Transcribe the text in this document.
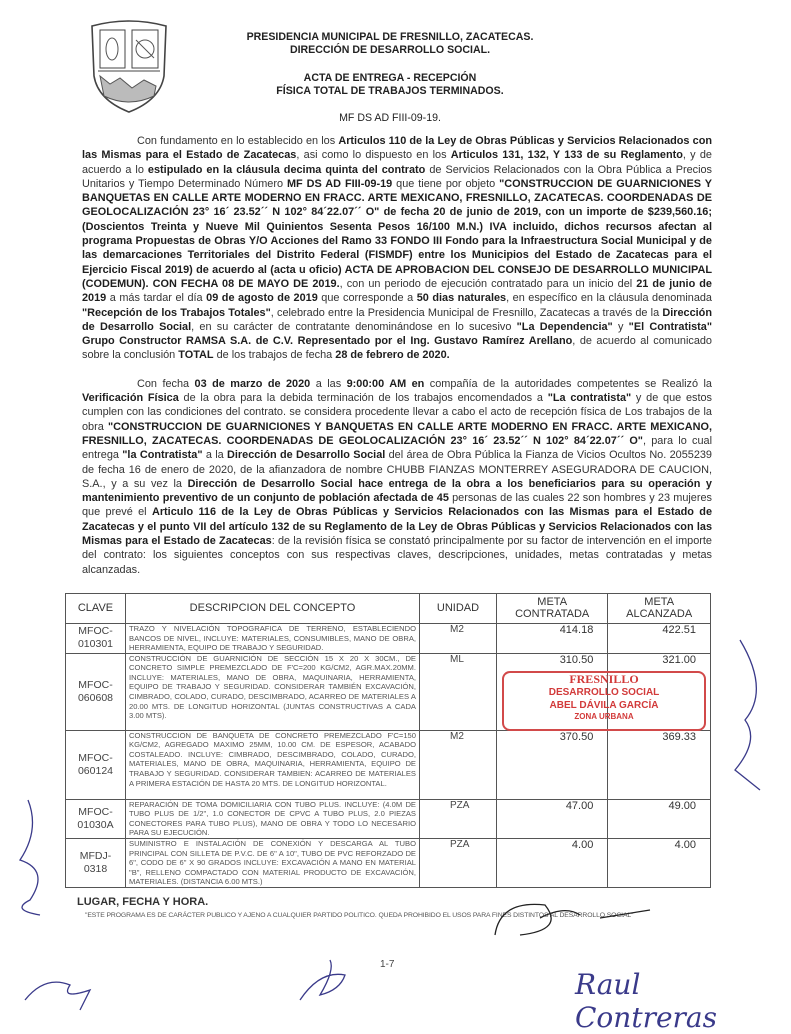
PRESIDENCIA MUNICIPAL DE FRESNILLO, ZACATECAS.
DIRECCIÓN DE DESARROLLO SOCIAL.
ACTA DE ENTREGA - RECEPCIÓN
FÍSICA TOTAL DE TRABAJOS TERMINADOS.
MF DS AD FIII-09-19.

Con fundamento en lo establecido en los Articulos 110 de la Ley de Obras Públicas y Servicios Relacionados con las Mismas para el Estado de Zacatecas, asi como lo dispuesto en los Articulos 131, 132, Y 133 de su Reglamento, y de acuerdo a lo estipulado en la cláusula decima quinta del contrato de Servicios Relacionados con la Obra Pública a Precios Unitarios y Tiempo Determinado Número MF DS AD FIII-09-19 que tiene por objeto "CONSTRUCCION DE GUARNICIONES Y BANQUETAS EN CALLE ARTE MODERNO EN FRACC. ARTE MEXICANO, FRESNILLO, ZACATECAS. COORDENADAS DE GEOLOCALIZACIÓN 23° 16´ 23.52´´ N 102° 84´22.07´´ O" de fecha 20 de junio de 2019, con un importe de $239,560.16; (Doscientos Treinta y Nueve Mil Quinientos Sesenta Pesos 16/100 M.N.) IVA incluido, dichos recursos afectan al programa Propuestas de Obras Y/O Acciones del Ramo 33 FONDO III Fondo para la Infraestructura Social Municipal y de las demarcaciones Territoriales del Distrito Federal (FISMDF) entre los Municipios del Estado de Zacatecas para el Ejercicio Fiscal 2019) de acuerdo al (acta u oficio) ACTA DE APROBACION DEL CONSEJO DE DESARROLLO MUNICIPAL (CODEMUN). CON FECHA 08 DE MAYO DE 2019., con un periodo de ejecución contratado para un inicio del 21 de junio de 2019 a más tardar el día 09 de agosto de 2019 que corresponde a 50 dias naturales, en específico en la cláusula denominada "Recepción de los Trabajos Totales", celebrado entre la Presidencia Municipal de Fresnillo, Zacatecas a través de la Dirección de Desarrollo Social, en su carácter de contratante denominándose en lo sucesivo "La Dependencia" y "El Contratista" Grupo Constructor RAMSA S.A. de C.V. Representado por el Ing. Gustavo Ramírez Arellano, de acuerdo al comunicado sobre la conclusión TOTAL de los trabajos de fecha 28 de febrero de 2020.

Con fecha 03 de marzo de 2020 a las 9:00:00 AM en compañía de la autoridades competentes se Realizó la Verificación Física de la obra para la debida terminación de los trabajos encomendados a "La contratista" y de que estos cumplen con las condiciones del contrato. se considera procedente llevar a cabo el acto de recepción física de Los trabajos de la obra "CONSTRUCCION DE GUARNICIONES Y BANQUETAS EN CALLE ARTE MODERNO EN FRACC. ARTE MEXICANO, FRESNILLO, ZACATECAS. COORDENADAS DE GEOLOCALIZACIÓN 23° 16´ 23.52´´ N 102° 84´22.07´´ O", para lo cual entrega "la Contratista" a la Dirección de Desarrollo Social del área de Obra Pública la Fianza de Vicios Ocultos No. 2055239 de fecha 16 de enero de 2020, de la afianzadora de nombre CHUBB FIANZAS MONTERREY ASEGURADORA DE CAUCION, S.A., y a su vez la Dirección de Desarrollo Social hace entrega de la obra a los beneficiarios para su operación y mantenimiento preventivo de un conjunto de población afectada de 45 personas de las cuales 22 son hombres y 23 mujeres que prevé el Articulo 116 de la Ley de Obras Públicas y Servicios Relacionados con las Mismas para el Estado de Zacatecas y el punto VII del artículo 132 de su Reglamento de la Ley de Obras Públicas y Servicios Relacionados con las Mismas para el Estado de Zacatecas: de la revisión física se constató principalmente por su factor de intervención en el importe del contrato: los siguientes conceptos con sus respectivas claves, descripciones, unidades, metas contratadas y metas alcanzadas.

CLAVE	DESCRIPCION DEL CONCEPTO	UNIDAD	META CONTRATADA	META ALCANZADA
MFOC-010301	TRAZO Y NIVELACIÓN TOPOGRAFICA DE TERRENO, ESTABLECIENDO BANCOS DE NIVEL, INCLUYE: MATERIALES, CONSUMIBLES, MANO DE OBRA, HERRAMIENTA, EQUIPO DE TRABAJO Y SEGURIDAD.	M2	414.18	422.51
MFOC-060608	CONSTRUCCIÓN DE GUARNICIÓN DE SECCIÓN 15 X 20 X 30CM., DE CONCRETO SIMPLE PREMEZCLADO DE F'C=200 KG/CM2, AGR.MAX.20MM. INCLUYE: MATERIALES, MANO DE OBRA, MAQUINARIA, HERRAMIENTA, EQUIPO DE TRABAJO Y SEGURIDAD. CONSIDERAR TAMBIÉN EXCAVACIÓN, CIMBRADO, COLADO, CURADO, DESCIMBRADO, ACARREO DE MATERIALES A 20.00 MTS. DE LONGITUD HORIZONTAL (JUNTAS CONSTRUCTIVAS A CADA 3.00 MTS).	ML	310.50	321.00
MFOC-060124	CONSTRUCCION DE BANQUETA DE CONCRETO PREMEZCLADO F'C=150 KG/CM2, AGREGADO MAXIMO 25MM, 10.00 CM. DE ESPESOR, ACABADO COSTALEADO. INCLUYE: CIMBRADO, DESCIMBRADO, COLADO, CURADO, MATERIALES, MANO DE OBRA, MAQUINARIA, HERRAMIENTA, EQUIPO DE TRABAJO Y SEGURIDAD. CONSIDERAR TAMBIEN: ACARREO DE MATERIALES A PRIMERA ESTACIÓN DE HASTA 20 MTS. DE LONGITUD HORIZONTAL.	M2	370.50	369.33
MFOC-01030A	REPARACIÓN DE TOMA DOMICILIARIA CON TUBO PLUS. INCLUYE: (4.0M DE TUBO PLUS DE 1/2", 1.0 CONECTOR DE CPVC A TUBO PLUS, 2.0 PIEZAS CONECTORES PARA TUBO PLUS), MANO DE OBRA Y TODO LO NECESARIO PARA SU EJECUCIÓN.	PZA	47.00	49.00
MFDJ-0318	SUMINISTRO E INSTALACIÓN DE CONEXIÓN Y DESCARGA AL TUBO PRINCIPAL CON SILLETA DE P.V.C. DE 6" A 10", TUBO DE PVC REFORZADO DE 6", CODO DE 6" X 90 GRADOS INCLUYE: EXCAVACIÓN A MANO EN MATERIAL "B", RELLENO COMPACTADO CON MATERIAL PRODUCTO DE EXCAVACIÓN, MATERIALES. (DISTANCIA 6.00 MTS.)	PZA	4.00	4.00
FRESNILLO
DESARROLLO SOCIAL
ABEL DÁVILA GARCÍA
ZONA URBANA
LUGAR, FECHA Y HORA.
"ESTE PROGRAMA ES DE CARÁCTER PUBLICO Y AJENO A CUALQUIER PARTIDO POLITICO. QUEDA PROHIBIDO EL USOS PARA FINES DISTINTOS AL DESARROLLO SOCIAL"
1-7
Raul Contreras
